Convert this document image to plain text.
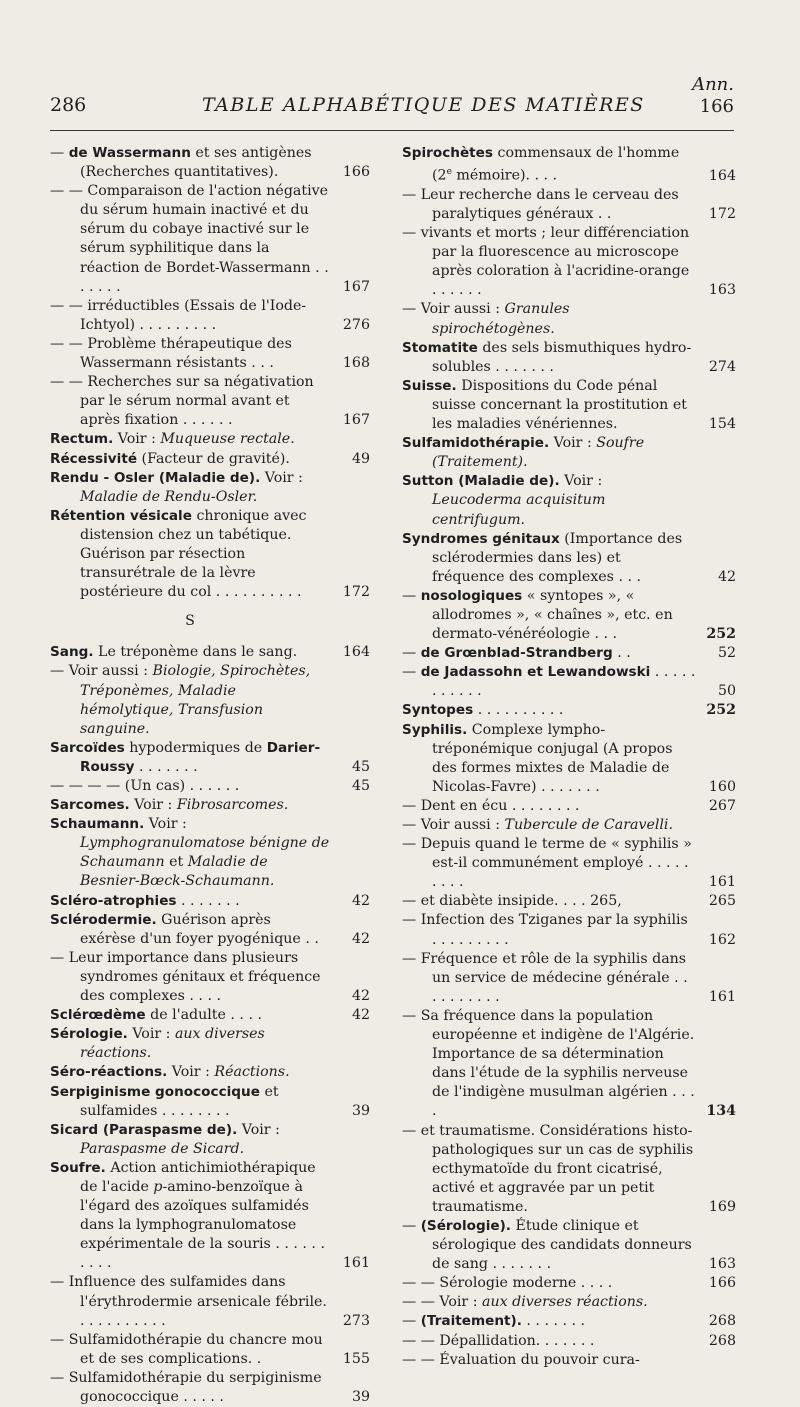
286	TABLE ALPHABÉTIQUE DES MATIÈRES
Ann.
166
— de Wassermann et ses antigènes (Recherches quantitatives).	166
— — Comparaison de l'action négative du sérum humain inactivé et du sérum du cobaye inactivé sur le sérum syphilitique dans la réaction de Bordet-Wassermann . . . . . . .	167
— — irréductibles (Essais de l'Iode-Ichtyol) . . . . . . . . .	276
— — Problème thérapeutique des Wassermann résistants . . .	168
— — Recherches sur sa négativation par le sérum normal avant et après fixation . . . . . .	167
Rectum. Voir : Muqueuse rectale.
Récessivité (Facteur de gravité).	49
Rendu - Osler (Maladie de). Voir : Maladie de Rendu-Osler.
Rétention vésicale chronique avec distension chez un tabétique. Guérison par résection transurétrale de la lèvre postérieure du col . . . . . . . . . .	172
S
Sang. Le tréponème dans le sang.	164
— Voir aussi : Biologie, Spirochètes, Tréponèmes, Maladie hémolytique, Transfusion sanguine.
Sarcoïdes hypodermiques de Darier-Roussy . . . . . . .	45
— — — — (Un cas) . . . . . .	45
Sarcomes. Voir : Fibrosarcomes.
Schaumann. Voir : Lymphogranulomatose bénigne de Schaumann et Maladie de Besnier-Bœck-Schaumann.
Scléro-atrophies . . . . . . .	42
Sclérodermie. Guérison après exérèse d'un foyer pyogénique . . 42
— Leur importance dans plusieurs syndromes génitaux et fréquence des complexes . . . .	42
Sclérœdème de l'adulte . . . .	42
Sérologie. Voir : aux diverses réactions.
Séro-réactions. Voir : Réactions.
Serpiginisme gonococcique et sulfamides . . . . . . . .	39
Sicard (Paraspasme de). Voir : Paraspasme de Sicard.
Soufre. Action antichimiothérapique de l'acide p-amino-benzoïque à l'égard des azoïques sulfamidés dans la lymphogranulomatose expérimentale de la souris . . . . . . . . . .	161
— Influence des sulfamides dans l'érythrodermie arsenicale fébrile. . . . . . . . . . .	273
— Sulfamidothérapie du chancre mou et de ses complications. .	155
— Sulfamidothérapie du serpiginisme gonococcique . . . . .	39
Spirochètes commensaux de l'homme (2e mémoire). . . .	164
— Leur recherche dans le cerveau des paralytiques généraux . .	172
— vivants et morts ; leur différenciation par la fluorescence au microscope après coloration à l'acridine-orange . . . . . .	163
— Voir aussi : Granules spirochétogènes.
Stomatite des sels bismuthiques hydro-solubles . . . . . . .	274
Suisse. Dispositions du Code pénal suisse concernant la prostitution et les maladies vénériennes.	154
Sulfamidothérapie. Voir : Soufre (Traitement).
Sutton (Maladie de). Voir : Leucoderma acquisitum centrifugum.
Syndromes génitaux (Importance des sclérodermies dans les) et fréquence des complexes . . .	42
— nosologiques « syntopes », « allodromes », « chaînes », etc. en dermato-vénéréologie . . .	252
— de Grœnblad-Strandberg . .	52
— de Jadassohn et Lewandowski . . . . . . . . . . .	50
Syntopes . . . . . . . . . .	252
Syphilis. Complexe lympho-tréponémique conjugal (A propos des formes mixtes de Maladie de Nicolas-Favre) . . . . . . .	160
— Dent en écu . . . . . . . .	267
— Voir aussi : Tubercule de Caravelli.
— Depuis quand le terme de « syphilis » est-il communément employé . . . . . . . . .	161
— et diabète insipide. . . . 265,	265
— Infection des Tziganes par la syphilis . . . . . . . . .	162
— Fréquence et rôle de la syphilis dans un service de médecine générale . . . . . . . . . .	161
— Sa fréquence dans la population européenne et indigène de l'Algérie. Importance de sa détermination dans l'étude de la syphilis nerveuse de l'indigène musulman algérien . . . .	134
— et traumatisme. Considérations histo-pathologiques sur un cas de syphilis ecthymatoïde du front cicatrisé, activé et aggravée par un petit traumatisme.	169
— (Sérologie). Étude clinique et sérologique des candidats donneurs de sang . . . . . . .	163
— — Sérologie moderne . . . .	166
— — Voir : aux diverses réactions.
— (Traitement). . . . . . . .	268
— — Dépallidation. . . . . . .	268
— — Évaluation du pouvoir cura-
